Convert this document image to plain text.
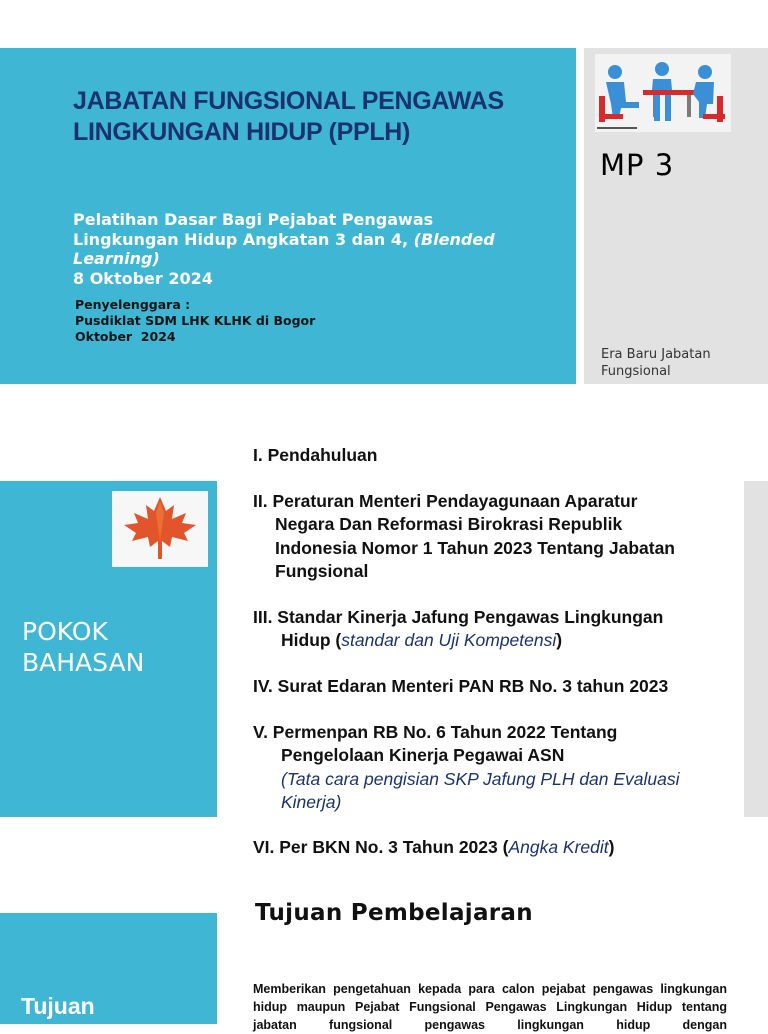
JABATAN FUNGSIONAL PENGAWAS LINGKUNGAN HIDUP (PPLH)
Pelatihan Dasar Bagi Pejabat Pengawas Lingkungan Hidup Angkatan 3 dan 4, (Blended Learning)
8 Oktober 2024
Penyelenggara :
Pusdiklat SDM LHK KLHK di Bogor
Oktober  2024
MP 3
Era Baru Jabatan Fungsional
POKOK
BAHASAN
I. Pendahuluan
II. Peraturan Menteri Pendayagunaan Aparatur
Negara Dan Reformasi Birokrasi Republik
Indonesia Nomor 1 Tahun 2023 Tentang Jabatan
Fungsional
III. Standar Kinerja Jafung Pengawas Lingkungan
Hidup (standar dan Uji Kompetensi)
IV. Surat Edaran Menteri PAN RB No. 3 tahun 2023
V. Permenpan RB No. 6 Tahun 2022 Tentang
Pengelolaan Kinerja Pegawai ASN
(Tata cara pengisian SKP Jafung PLH dan Evaluasi Kinerja)
VI. Per BKN No. 3 Tahun 2023 (Angka Kredit)
Tujuan
Tujuan Pembelajaran

Memberikan pengetahuan kepada para calon pejabat pengawas lingkungan hidup maupun Pejabat Fungsional Pengawas Lingkungan Hidup tentang jabatan fungsional pengawas lingkungan hidup dengan
